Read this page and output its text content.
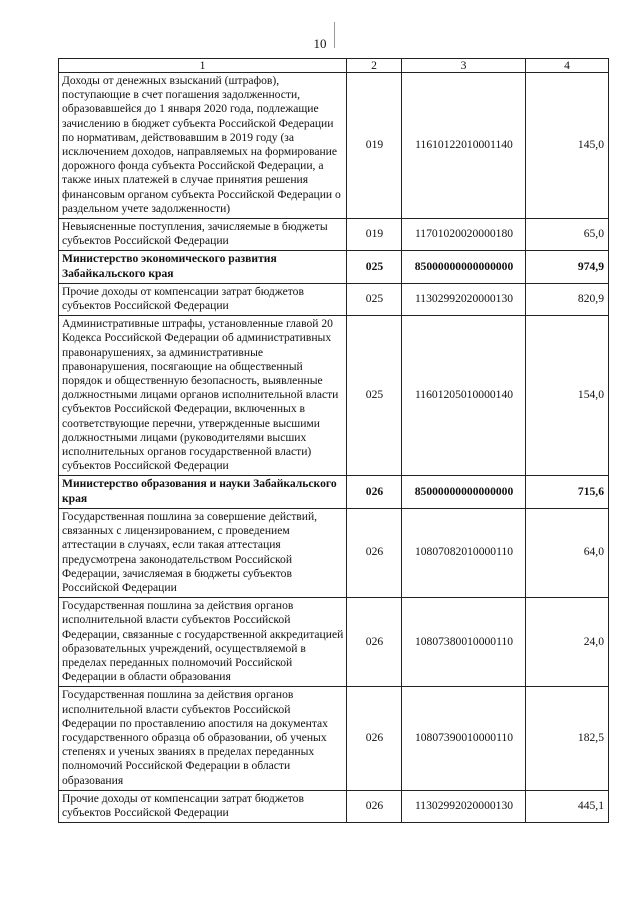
10
1	2	3	4
Доходы от денежных взысканий (штрафов), поступающие в счет погашения задолженности, образовавшейся до 1 января 2020 года, подлежащие зачислению в бюджет субъекта Российской Федерации по нормативам, действовавшим в 2019 году (за исключением доходов, направляемых на формирование дорожного фонда субъекта Российской Федерации, а также иных платежей в случае принятия решения финансовым органом субъекта Российской Федерации о раздельном учете задолженности)	019	11610122010001140	145,0
Невыясненные поступления, зачисляемые в бюджеты субъектов Российской Федерации	019	11701020020000180	65,0
Министерство экономического развития Забайкальского края	025	85000000000000000	974,9
Прочие доходы от компенсации затрат бюджетов субъектов Российской Федерации	025	11302992020000130	820,9
Административные штрафы, установленные главой 20 Кодекса Российской Федерации об административных правонарушениях, за административные правонарушения, посягающие на общественный порядок и общественную безопасность, выявленные должностными лицами органов исполнительной власти субъектов Российской Федерации, включенных в соответствующие перечни, утвержденные высшими должностными лицами (руководителями высших исполнительных органов государственной власти) субъектов Российской Федерации	025	11601205010000140	154,0
Министерство образования и науки Забайкальского края	026	85000000000000000	715,6
Государственная пошлина за совершение действий, связанных с лицензированием, с проведением аттестации в случаях, если такая аттестация предусмотрена законодательством Российской Федерации, зачисляемая в бюджеты субъектов Российской Федерации	026	10807082010000110	64,0
Государственная пошлина за действия органов исполнительной власти субъектов Российской Федерации, связанные с государственной аккредитацией образовательных учреждений, осуществляемой в пределах переданных полномочий Российской Федерации в области образования	026	10807380010000110	24,0
Государственная пошлина за действия органов исполнительной власти субъектов Российской Федерации по проставлению апостиля на документах государственного образца об образовании, об ученых степенях и ученых званиях в пределах переданных полномочий Российской Федерации в области образования	026	10807390010000110	182,5
Прочие доходы от компенсации затрат бюджетов субъектов Российской Федерации	026	11302992020000130	445,1
